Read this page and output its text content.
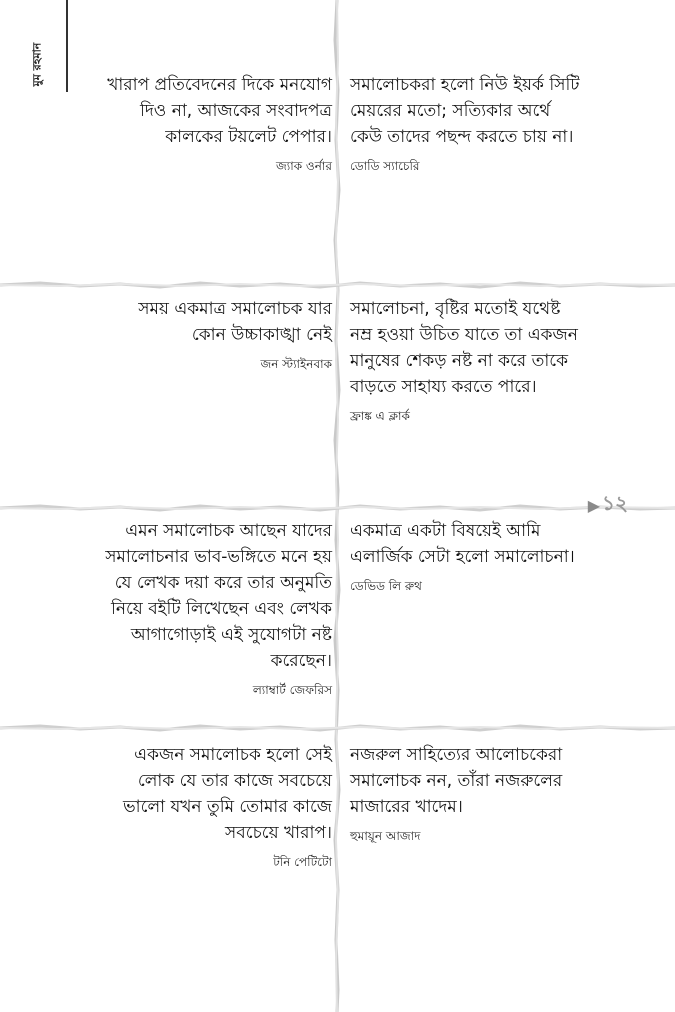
মুম রহমান
▶ ১২

খারাপ প্রতিবেদনের দিকে মনযোগ
দিও না, আজকের সংবাদপত্র
কালকের টয়লেট পেপার।

জ্যাক ওর্নার

সমালোচকরা হলো নিউ ইয়র্ক সিটি
মেয়রের মতো; সত্যিকার অর্থে
কেউ তাদের পছন্দ করতে চায় না।

ডোডি স্যাচেরি

সময় একমাত্র সমালোচক যার
কোন উচ্চাকাঙ্খা নেই

জন স্ট্যাইনবাক

সমালোচনা, বৃষ্টির মতোই যথেষ্ট
নম্র হওয়া উচিত যাতে তা একজন
মানুষের শেকড় নষ্ট না করে তাকে
বাড়তে সাহায্য করতে পারে।

ফ্রাঙ্ক এ ক্লার্ক

এমন সমালোচক আছেন যাদের
সমালোচনার ভাব-ভঙ্গিতে মনে হয়
যে লেখক দয়া করে তার অনুমতি
নিয়ে বইটি লিখেছেন এবং লেখক
আগাগোড়াই এই সুযোগটা নষ্ট
করেছেন।

ল্যাম্বার্ট জেফরিস

একমাত্র একটা বিষয়েই আমি
এলার্জিক সেটা হলো সমালোচনা।

ডেভিড লি রুথ

একজন সমালোচক হলো সেই
লোক যে তার কাজে সবচেয়ে
ভালো যখন তুমি তোমার কাজে
সবচেয়ে খারাপ।

টনি পেটিটো

নজরুল সাহিত্যের আলোচকেরা
সমালোচক নন, তাঁরা নজরুলের
মাজারের খাদেম।

হুমায়ূন আজাদ
